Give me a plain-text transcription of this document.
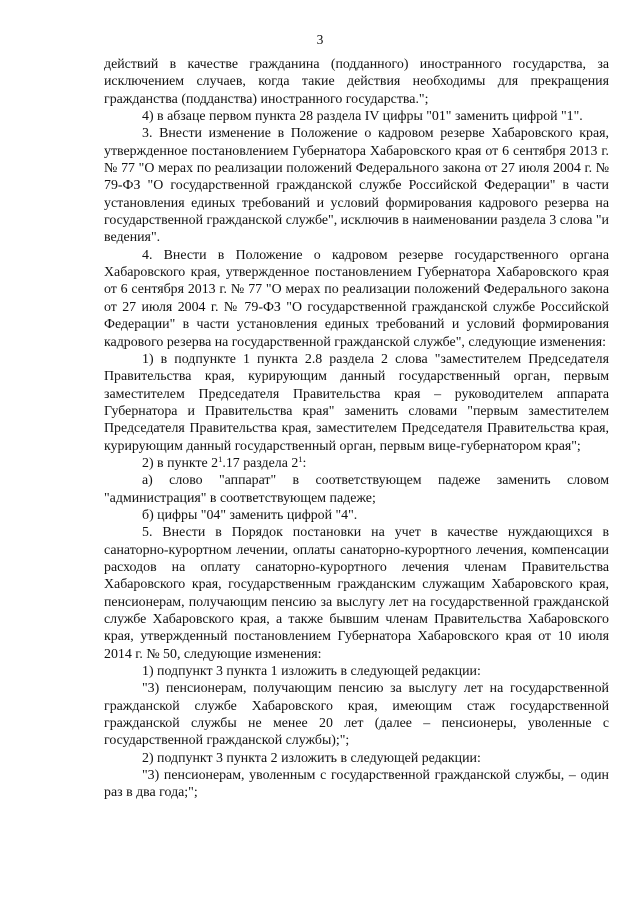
3

действий в качестве гражданина (подданного) иностранного государства, за исключением случаев, когда такие действия необходимы для прекращения гражданства (подданства) иностранного государства.";

4) в абзаце первом пункта 28 раздела IV цифры "01" заменить цифрой "1".

3. Внести изменение в Положение о кадровом резерве Хабаровского края, утвержденное постановлением Губернатора Хабаровского края от 6 сентября 2013 г. № 77 "О мерах по реализации положений Федерального закона от 27 июля 2004 г. № 79-ФЗ "О государственной гражданской службе Российской Федерации" в части установления единых требований и условий формирования кадрового резерва на государственной гражданской службе", исключив в наименовании раздела 3 слова "и ведения".

4. Внести в Положение о кадровом резерве государственного органа Хабаровского края, утвержденное постановлением Губернатора Хабаровского края от 6 сентября 2013 г. № 77 "О мерах по реализации положений Федерального закона от 27 июля 2004 г. № 79-ФЗ "О государственной гражданской службе Российской Федерации" в части установления единых требований и условий формирования кадрового резерва на государственной гражданской службе", следующие изменения:

1) в подпункте 1 пункта 2.8 раздела 2 слова "заместителем Председателя Правительства края, курирующим данный государственный орган, первым заместителем Председателя Правительства края – руководителем аппарата Губернатора и Правительства края" заменить словами "первым заместителем Председателя Правительства края, заместителем Председателя Правительства края, курирующим данный государственный орган, первым вице-губернатором края";

2) в пункте $2^1.17$ раздела $2^1$:

а) слово "аппарат" в соответствующем падеже заменить словом "администрация" в соответствующем падеже;

б) цифры "04" заменить цифрой "4".

5. Внести в Порядок постановки на учет в качестве нуждающихся в санаторно-курортном лечении, оплаты санаторно-курортного лечения, компенсации расходов на оплату санаторно-курортного лечения членам Правительства Хабаровского края, государственным гражданским служащим Хабаровского края, пенсионерам, получающим пенсию за выслугу лет на государственной гражданской службе Хабаровского края, а также бывшим членам Правительства Хабаровского края, утвержденный постановлением Губернатора Хабаровского края от 10 июля 2014 г. № 50, следующие изменения:

1) подпункт 3 пункта 1 изложить в следующей редакции:

"3) пенсионерам, получающим пенсию за выслугу лет на государственной гражданской службе Хабаровского края, имеющим стаж государственной гражданской службы не менее 20 лет (далее – пенсионеры, уволенные с государственной гражданской службы);";

2) подпункт 3 пункта 2 изложить в следующей редакции:

"3) пенсионерам, уволенным с государственной гражданской службы, – один раз в два года;";
